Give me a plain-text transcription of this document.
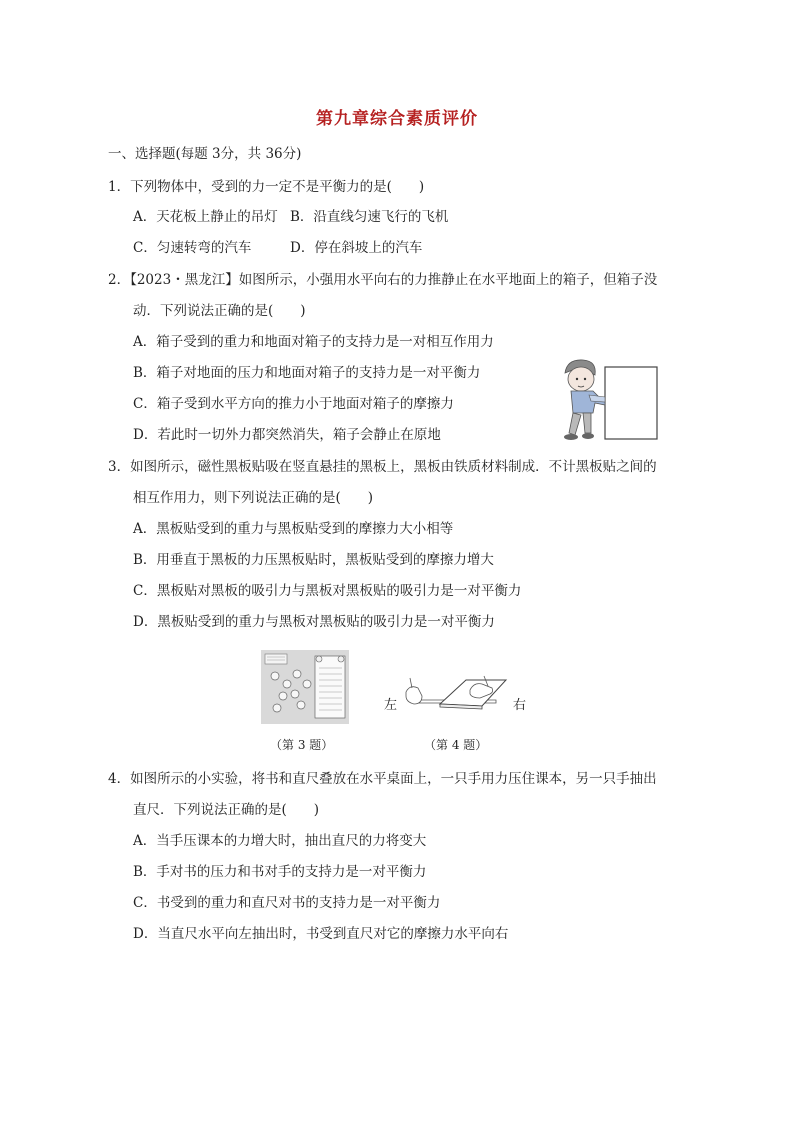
第九章综合素质评价
一、选择题(每题 3分，共 36分)
1．下列物体中，受到的力一定不是平衡力的是(　　)
A．天花板上静止的吊灯 B．沿直线匀速飞行的飞机
C．匀速转弯的汽车	D．停在斜坡上的汽车
2．【2023・黑龙江】如图所示，小强用水平向右的力推静止在水平地面上的箱子，但箱子没
动．下列说法正确的是(　　)
A．箱子受到的重力和地面对箱子的支持力是一对相互作用力
B．箱子对地面的压力和地面对箱子的支持力是一对平衡力
C．箱子受到水平方向的推力小于地面对箱子的摩擦力
D．若此时一切外力都突然消失，箱子会静止在原地
3．如图所示，磁性黑板贴吸在竖直悬挂的黑板上，黑板由铁质材料制成．不计黑板贴之间的
相互作用力，则下列说法正确的是(　　)
A．黑板贴受到的重力与黑板贴受到的摩擦力大小相等
B．用垂直于黑板的力压黑板贴时，黑板贴受到的摩擦力增大
C．黑板贴对黑板的吸引力与黑板对黑板贴的吸引力是一对平衡力
D．黑板贴受到的重力与黑板对黑板贴的吸引力是一对平衡力
左	右
（第 3 题）	（第 4 题）
4．如图所示的小实验，将书和直尺叠放在水平桌面上，一只手用力压住课本，另一只手抽出
直尺．下列说法正确的是(　　)
A．当手压课本的力增大时，抽出直尺的力将变大
B．手对书的压力和书对手的支持力是一对平衡力
C．书受到的重力和直尺对书的支持力是一对平衡力
D．当直尺水平向左抽出时，书受到直尺对它的摩擦力水平向右
